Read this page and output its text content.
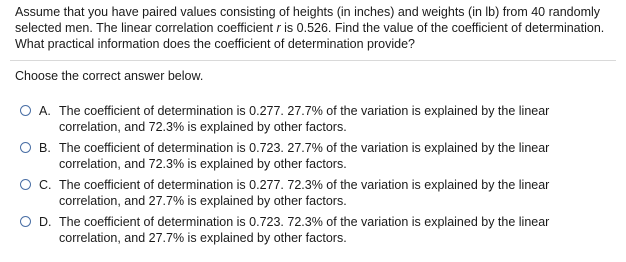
Assume that you have paired values consisting of heights (in inches) and weights (in lb) from 40 randomly selected men. The linear correlation coefficient r is 0.526. Find the value of the coefficient of determination. What practical information does the coefficient of determination provide?
Choose the correct answer below.
A. The coefficient of determination is 0.277. 27.7% of the variation is explained by the linear correlation, and 72.3% is explained by other factors.
B. The coefficient of determination is 0.723. 27.7% of the variation is explained by the linear correlation, and 72.3% is explained by other factors.
C. The coefficient of determination is 0.277. 72.3% of the variation is explained by the linear correlation, and 27.7% is explained by other factors.
D. The coefficient of determination is 0.723. 72.3% of the variation is explained by the linear correlation, and 27.7% is explained by other factors.
